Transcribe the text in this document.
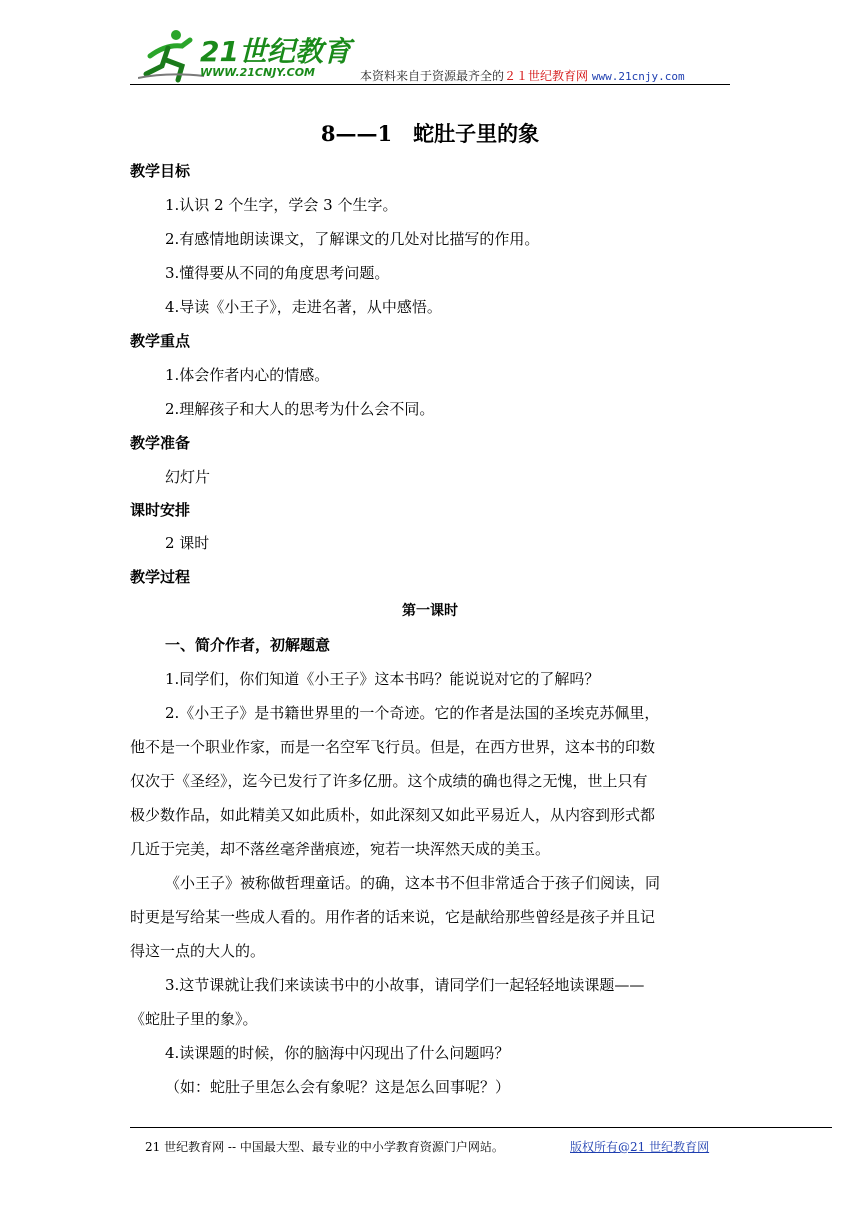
21世纪教育
WWW.21CNJY.COM	本资料来自于资源最齐全的２１世纪教育网 www.21cnjy.com
8——1　蛇肚子里的象
教学目标
1.认识 2 个生字，学会 3 个生字。
2.有感情地朗读课文，了解课文的几处对比描写的作用。
3.懂得要从不同的角度思考问题。
4.导读《小王子》，走进名著，从中感悟。
教学重点
1.体会作者内心的情感。
2.理解孩子和大人的思考为什么会不同。
教学准备
幻灯片
课时安排
2 课时
教学过程
第一课时
一、简介作者，初解题意
1.同学们，你们知道《小王子》这本书吗？能说说对它的了解吗？
2.《小王子》是书籍世界里的一个奇迹。它的作者是法国的圣埃克苏佩里，
他不是一个职业作家，而是一名空军飞行员。但是，在西方世界，这本书的印数
仅次于《圣经》，迄今已发行了许多亿册。这个成绩的确也得之无愧，世上只有
极少数作品，如此精美又如此质朴，如此深刻又如此平易近人，从内容到形式都
几近于完美，却不落丝毫斧凿痕迹，宛若一块浑然天成的美玉。
《小王子》被称做哲理童话。的确，这本书不但非常适合于孩子们阅读，同
时更是写给某一些成人看的。用作者的话来说，它是献给那些曾经是孩子并且记
得这一点的大人的。
3.这节课就让我们来读读书中的小故事，请同学们一起轻轻地读课题——
《蛇肚子里的象》。
4.读课题的时候，你的脑海中闪现出了什么问题吗？
（如：蛇肚子里怎么会有象呢？这是怎么回事呢？）
21 世纪教育网 -- 中国最大型、最专业的中小学教育资源门户网站。	版权所有@21 世纪教育网
